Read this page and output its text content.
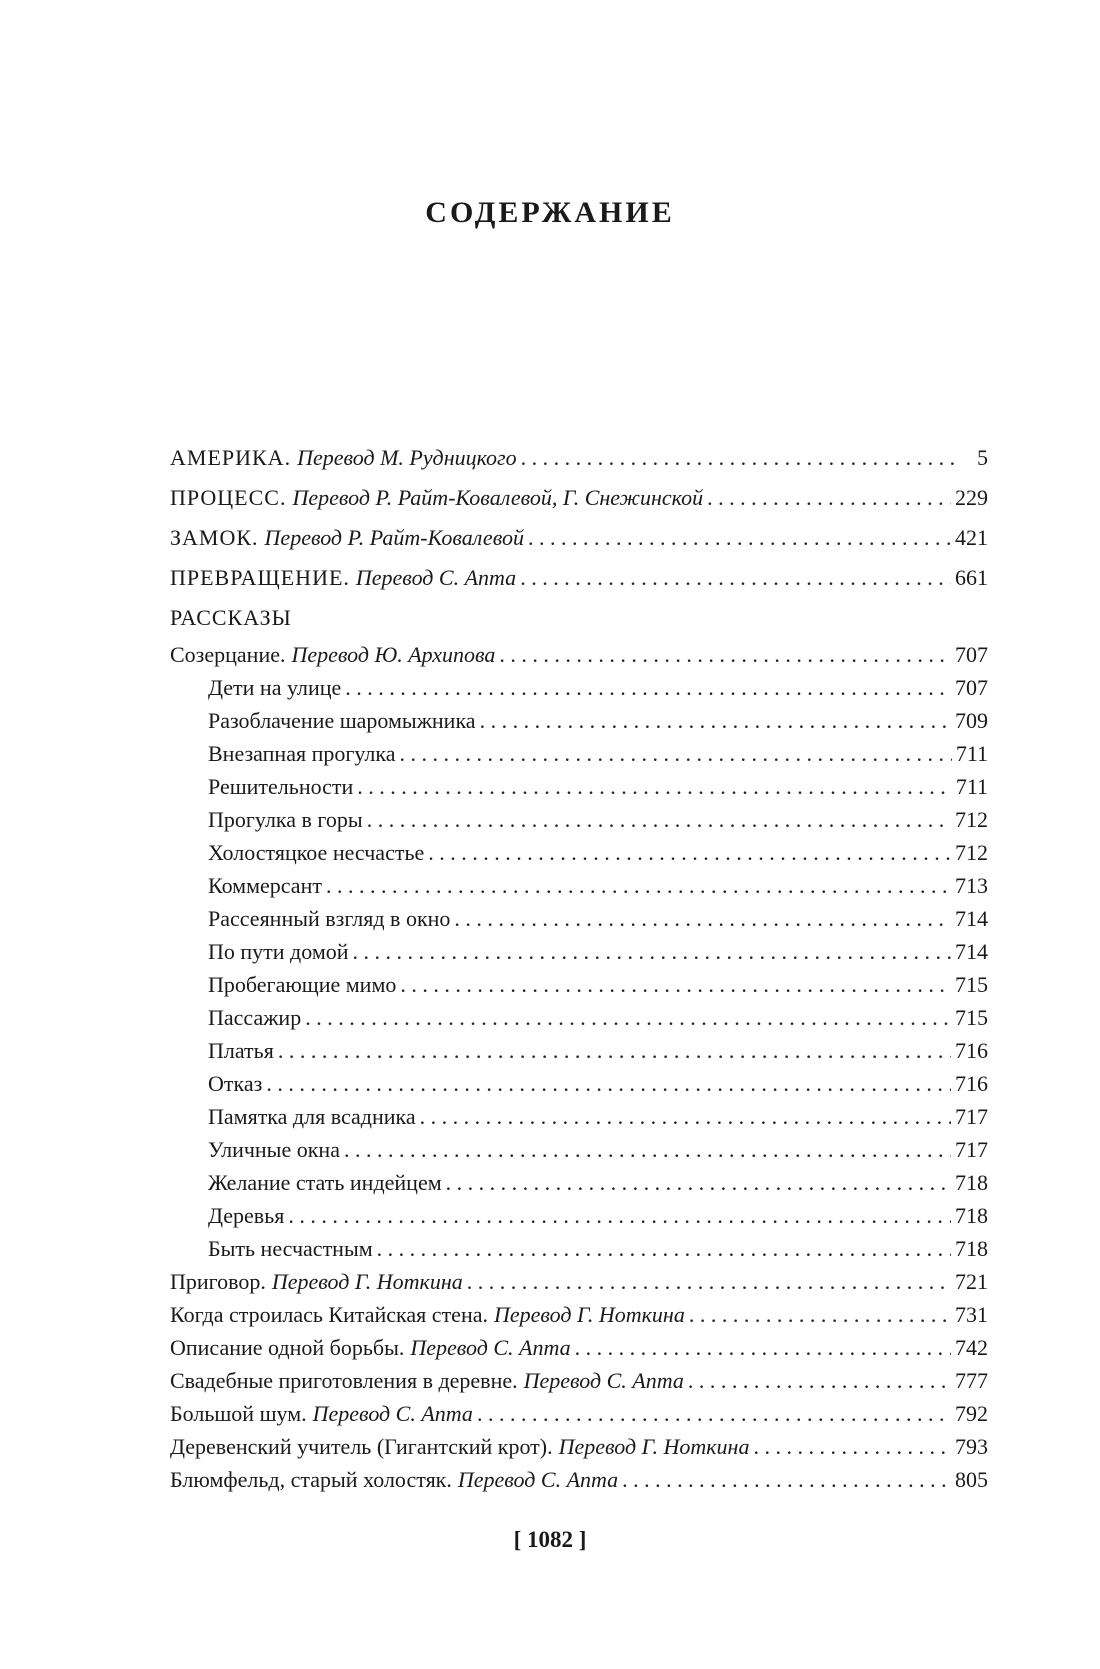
СОДЕРЖАНИЕ
АМЕРИКА. Перевод М. Рудницкого . . .	5
ПРОЦЕСС. Перевод Р. Райт-Ковалевой, Г. Снежинской . . .	229
ЗАМОК. Перевод Р. Райт-Ковалевой . . .	421
ПРЕВРАЩЕНИЕ. Перевод С. Апта . . .	661
РАССКАЗЫ
Созерцание. Перевод Ю. Архипова . . .	707
Дети на улице . . .	707
Разоблачение шаромыжника . . .	709
Внезапная прогулка . . .	711
Решительности . . .	711
Прогулка в горы . . .	712
Холостяцкое несчастье . . .	712
Коммерсант . . .	713
Рассеянный взгляд в окно . . .	714
По пути домой . . .	714
Пробегающие мимо . . .	715
Пассажир . . .	715
Платья . . .	716
Отказ . . .	716
Памятка для всадника . . .	717
Уличные окна . . .	717
Желание стать индейцем . . .	718
Деревья . . .	718
Быть несчастным . . .	718
Приговор. Перевод Г. Ноткина . . .	721
Когда строилась Китайская стена. Перевод Г. Ноткина . . .	731
Описание одной борьбы. Перевод С. Апта . . .	742
Свадебные приготовления в деревне. Перевод С. Апта . . .	777
Большой шум. Перевод С. Апта . . .	792
Деревенский учитель (Гигантский крот). Перевод Г. Ноткина . . .	793
Блюмфельд, старый холостяк. Перевод С. Апта . . .	805
[ 1082 ]
